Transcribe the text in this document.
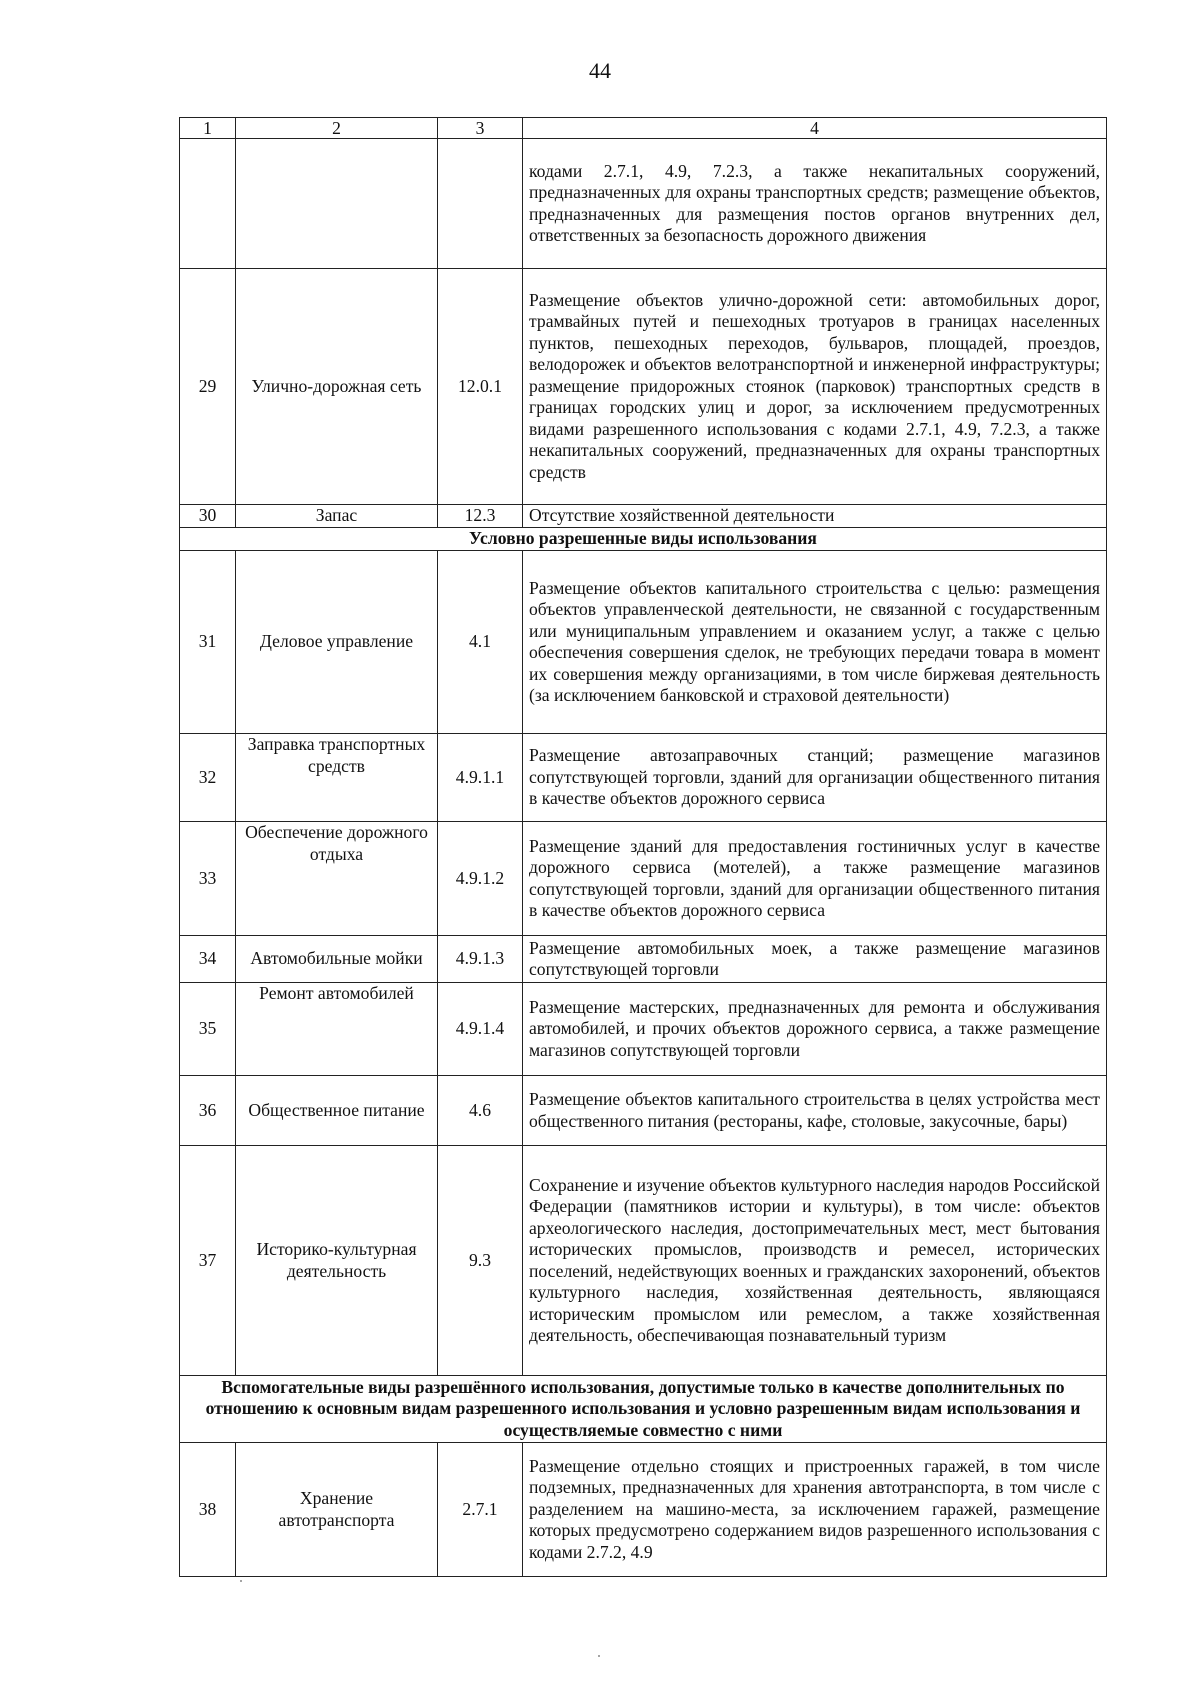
44
1	2	3	4
			кодами 2.7.1, 4.9, 7.2.3, а также некапитальных сооружений, предназначенных для охраны транспортных средств; размещение объектов, предназначенных для размещения постов органов внутренних дел, ответственных за безопасность дорожного движения
29	Улично-дорожная сеть	12.0.1	Размещение объектов улично-дорожной сети: автомобильных дорог, трамвайных путей и пешеходных тротуаров в границах населенных пунктов, пешеходных переходов, бульваров, площадей, проездов, велодорожек и объектов велотранспортной и инженерной инфраструктуры; размещение придорожных стоянок (парковок) транспортных средств в границах городских улиц и дорог, за исключением предусмотренных видами разрешенного использования с кодами 2.7.1, 4.9, 7.2.3, а также некапитальных сооружений, предназначенных для охраны транспортных средств
30	Запас	12.3	Отсутствие хозяйственной деятельности
Условно разрешенные виды использования			
31	Деловое управление	4.1	Размещение объектов капитального строительства с целью: размещения объектов управленческой деятельности, не связанной с государственным или муниципальным управлением и оказанием услуг, а также с целью обеспечения совершения сделок, не требующих передачи товара в момент их совершения между организациями, в том числе биржевая деятельность (за исключением банковской и страховой деятельности)
32	Заправка транспортных средств	4.9.1.1	Размещение автозаправочных станций; размещение магазинов сопутствующей торговли, зданий для организации общественного питания в качестве объектов дорожного сервиса
33	Обеспечение дорожного отдыха	4.9.1.2	Размещение зданий для предоставления гостиничных услуг в качестве дорожного сервиса (мотелей), а также размещение магазинов сопутствующей торговли, зданий для организации общественного питания в качестве объектов дорожного сервиса
34	Автомобильные мойки	4.9.1.3	Размещение автомобильных моек, а также размещение магазинов сопутствующей торговли
35	Ремонт автомобилей	4.9.1.4	Размещение мастерских, предназначенных для ремонта и обслуживания автомобилей, и прочих объектов дорожного сервиса, а также размещение магазинов сопутствующей торговли
36	Общественное питание	4.6	Размещение объектов капитального строительства в целях устройства мест общественного питания (рестораны, кафе, столовые, закусочные, бары)
37	Историко-культурная деятельность	9.3	Сохранение и изучение объектов культурного наследия народов Российской Федерации (памятников истории и культуры), в том числе: объектов археологического наследия, достопримечательных мест, мест бытования исторических промыслов, производств и ремесел, исторических поселений, недействующих военных и гражданских захоронений, объектов культурного наследия, хозяйственная деятельность, являющаяся историческим промыслом или ремеслом, а также хозяйственная деятельность, обеспечивающая познавательный туризм
Вспомогательные виды разрешённого использования, допустимые только в качестве дополнительных по отношению к основным видам разрешенного использования и условно разрешенным видам использования и осуществляемые совместно с ними			
38	Хранение автотранспорта	2.7.1	Размещение отдельно стоящих и пристроенных гаражей, в том числе подземных, предназначенных для хранения автотранспорта, в том числе с разделением на машино-места, за исключением гаражей, размещение которых предусмотрено содержанием видов разрешенного использования с кодами 2.7.2, 4.9
